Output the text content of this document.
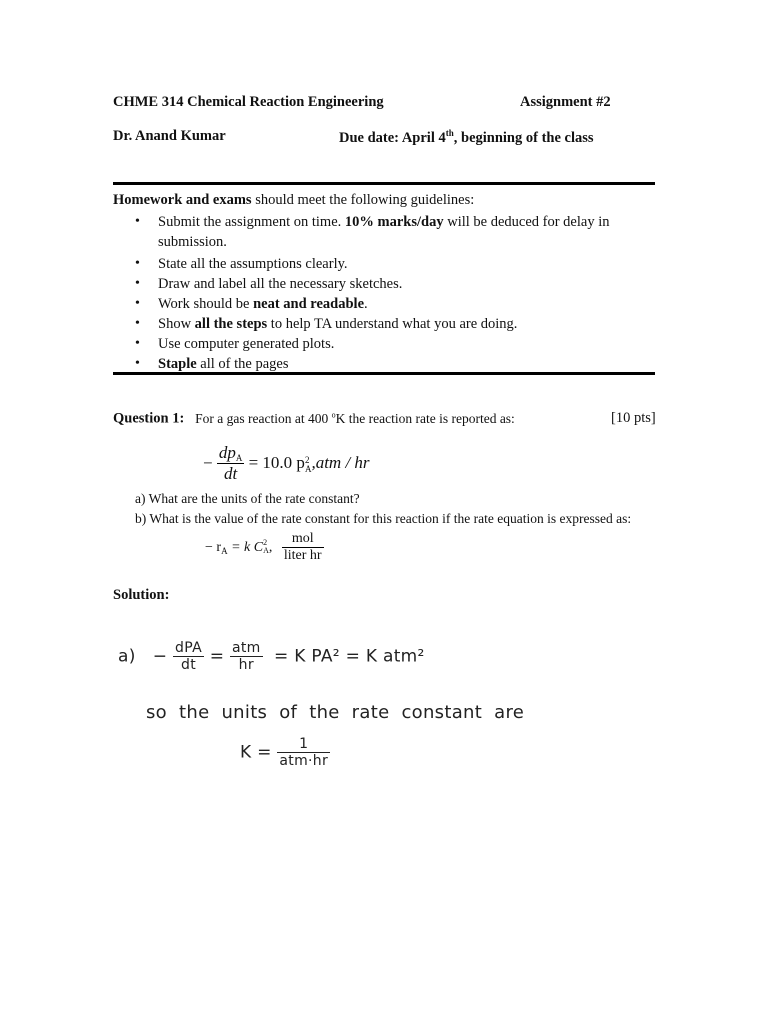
CHME 314 Chemical Reaction Engineering	Assignment #2
Dr. Anand Kumar	Due date: April 4th, beginning of the class
Homework and exams should meet the following guidelines:
• Submit the assignment on time. 10% marks/day will be deduced for delay in submission.
• State all the assumptions clearly.
• Draw and label all the necessary sketches.
• Work should be neat and readable.
• Show all the steps to help TA understand what you are doing.
• Use computer generated plots.
• Staple all of the pages
Question 1: For a gas reaction at 400 $^o$K the reaction rate is reported as:	[10 pts]
− $\frac{dp_A}{dt} = 10.0$ p 2
A ,atm / hr
a) What are the units of the rate constant?
b) What is the value of the rate constant for this reaction if the rate equation is expressed as:
− $r_A = k$ C 2
A , $\frac{\text{mol}}{\text{liter hr}}$
Solution:
$a) - \frac{\text{dPA}}{dt} = \frac{\text{atm}}{hr} = K$ PA² = K atm²
so the units of the rate constant are
$K = \frac{1}{\text{atm·hr}}$
